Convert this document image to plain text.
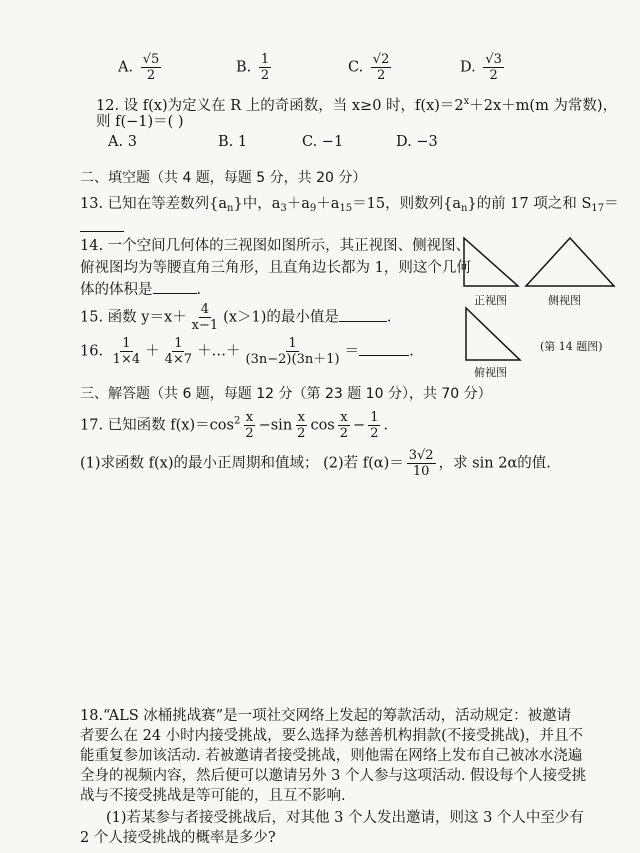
A. $\frac{√5}{2}$	B. $\frac{1}{2}$	C. $\frac{√2}{2}$	D. $\frac{√3}{2}$
12. 设 f(x)为定义在 R 上的奇函数，当 x≥0 时，$f(x)=2^x+2x+m(m$ 为常数)，
则 f(−1)＝( )
A. 3	B. 1	C. −1	D. −3
二、填空题（共 4 题，每题 5 分，共 20 分）
13. 已知在等差数列$\{a_n\}$中，$a_3+a_9+a_{15}=15$，则数列$\{a_n\}$的前 17 项之和 $S_{17}=$
14. 一个空间几何体的三视图如图所示，其正视图、侧视图、
俯视图均为等腰直角三角形，且直角边长都为 1，则这个几何
体的体积是	.
正视图	侧视图
俯视图
(第 14 题图)
15. 函数 $y=x+ \frac{4}{x-1} (x>1)$的最小值是	.
16. $\frac{1}{1\times 4} + \frac{1}{4\times 7}$ ＋…＋ $\frac{1}{(3n-2)(3n+1)}$ ＝	.
三、解答题（共 6 题，每题 12 分（第 23 题 10 分），共 70 分）
17. 已知函数 $f(x)=\cos^2 \frac{x}{2} -\sin \frac{x}{2}$ $\cos \frac{x}{2} - \frac{1}{2}$ .
(1)求函数 f(x)的最小正周期和值域； (2)若 $f(\alpha)= \frac{3√2}{10}$ ，求 sin 2α的值.
18.“ALS 冰桶挑战赛”是一项社交网络上发起的筹款活动，活动规定：被邀请
者要么在 24 小时内接受挑战，要么选择为慈善机构捐款(不接受挑战)，并且不
能重复参加该活动. 若被邀请者接受挑战，则他需在网络上发布自己被冰水浇遍
全身的视频内容，然后便可以邀请另外 3 个人参与这项活动. 假设每个人接受挑
战与不接受挑战是等可能的，且互不影响.
(1)若某参与者接受挑战后，对其他 3 个人发出邀请，则这 3 个人中至少有
2 个人接受挑战的概率是多少?
